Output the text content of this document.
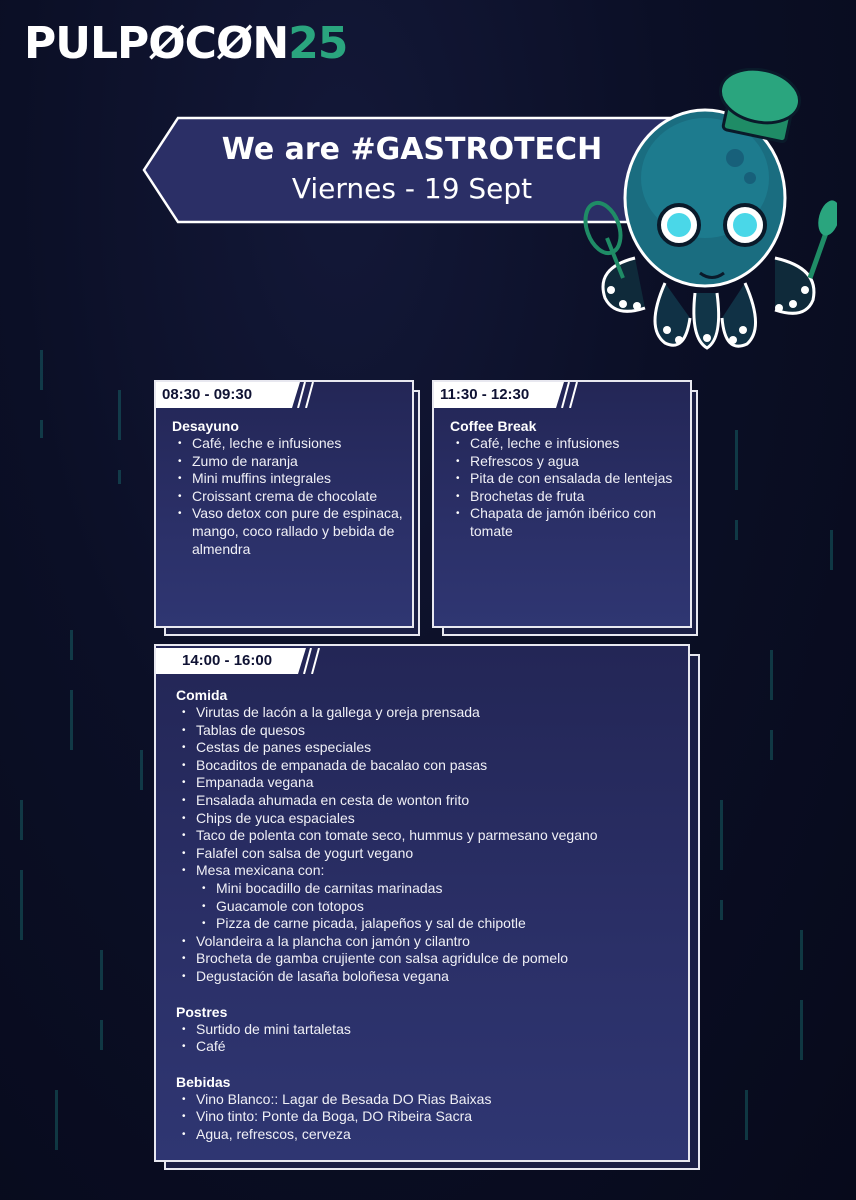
PULPØCØN25
We are #GASTROTECH
Viernes - 19 Sept
08:30 - 09:30
Desayuno
• Café, leche e infusiones
• Zumo de naranja
• Mini muffins integrales
• Croissant crema de chocolate
• Vaso detox con pure de espinaca, mango, coco rallado y bebida de almendra
11:30 - 12:30
Coffee Break
• Café, leche e infusiones
• Refrescos y agua
• Pita de con ensalada de lentejas
• Brochetas de fruta
• Chapata de jamón ibérico con tomate
14:00 - 16:00
Comida
• Virutas de lacón a la gallega y oreja prensada
• Tablas de quesos
• Cestas de panes especiales
• Bocaditos de empanada de bacalao con pasas
• Empanada vegana
• Ensalada ahumada en cesta de wonton frito
• Chips de yuca espaciales
• Taco de polenta con tomate seco, hummus y parmesano vegano
• Falafel con salsa de yogurt vegano
• Mesa mexicana con:
• Mini bocadillo de carnitas marinadas
• Guacamole con totopos
• Pizza de carne picada, jalapeños y sal de chipotle
• Volandeira a la plancha con jamón y cilantro
• Brocheta de gamba crujiente con salsa agridulce de pomelo
• Degustación de lasaña boloñesa vegana
Postres
• Surtido de mini tartaletas
• Café
Bebidas
• Vino Blanco:: Lagar de Besada DO Rias Baixas
• Vino tinto: Ponte da Boga, DO Ribeira Sacra
• Agua, refrescos, cerveza
